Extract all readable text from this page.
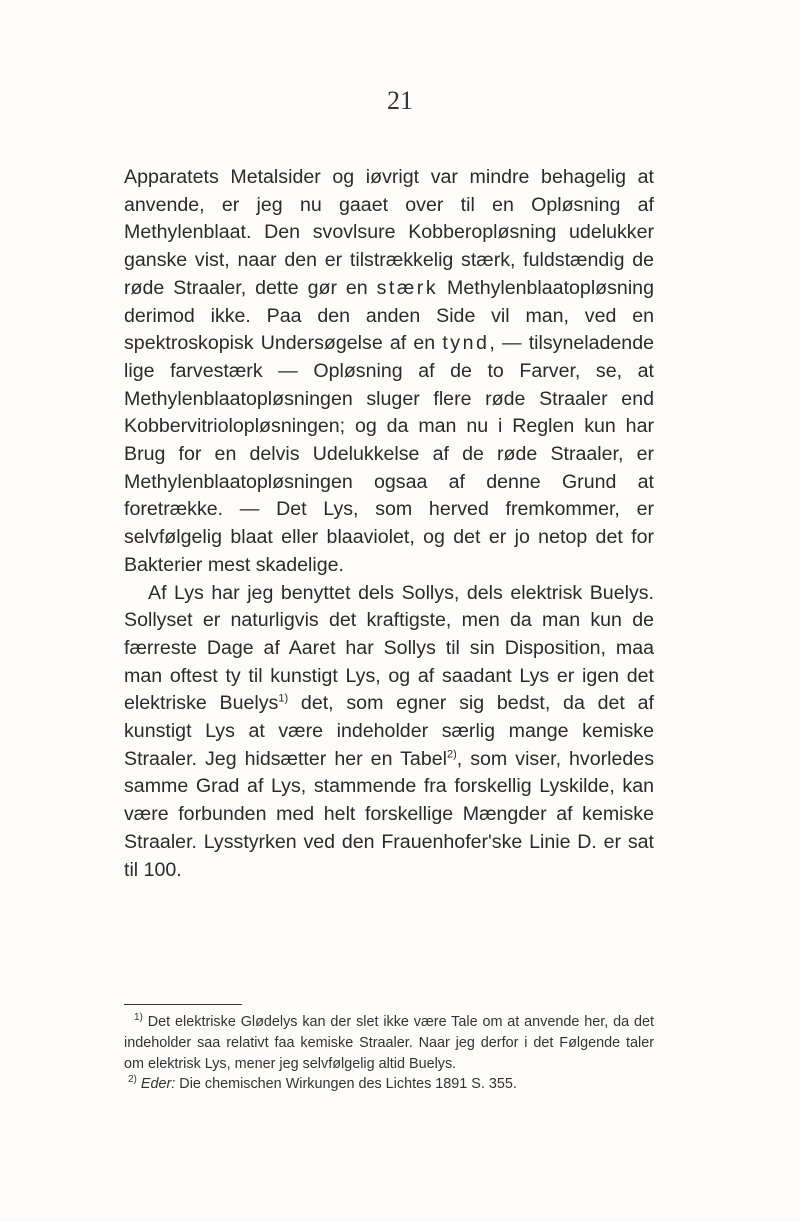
21

Apparatets Metalsider og iøvrigt var mindre behagelig at anvende, er jeg nu gaaet over til en Opløsning af Methylenblaat. Den svovlsure Kobberopløsning udelukker ganske vist, naar den er tilstrækkelig stærk, fuldstændig de røde Straaler, dette gør en stærk Methylenblaatopløsning derimod ikke. Paa den anden Side vil man, ved en spektroskopisk Undersøgelse af en tynd, — tilsyneladende lige farvestærk — Opløsning af de to Farver, se, at Methylenblaatopløsningen sluger flere røde Straaler end Kobbervitriolopløsningen; og da man nu i Reglen kun har Brug for en delvis Udelukkelse af de røde Straaler, er Methylenblaatopløsningen ogsaa af denne Grund at foretrække. — Det Lys, som herved fremkommer, er selvfølgelig blaat eller blaaviolet, og det er jo netop det for Bakterier mest skadelige.

Af Lys har jeg benyttet dels Sollys, dels elektrisk Buelys. Sollyset er naturligvis det kraftigste, men da man kun de færreste Dage af Aaret har Sollys til sin Disposition, maa man oftest ty til kunstigt Lys, og af saadant Lys er igen det elektriske Buelys$^{1)}$ det, som egner sig bedst, da det af kunstigt Lys at være indeholder særlig mange kemiske Straaler. Jeg hidsætter her en Tabel$^{2)}$, som viser, hvorledes samme Grad af Lys, stammende fra forskellig Lyskilde, kan være forbunden med helt forskellige Mængder af kemiske Straaler. Lysstyrken ved den Frauenhofer'ske Linie D. er sat til 100.

$^{1)}$ Det elektriske Glødelys kan der slet ikke være Tale om at anvende her, da det indeholder saa relativt faa kemiske Straaler. Naar jeg derfor i det Følgende taler om elektrisk Lys, mener jeg selvfølgelig altid Buelys.

$^{2)}$ Eder: Die chemischen Wirkungen des Lichtes 1891 S. 355.
